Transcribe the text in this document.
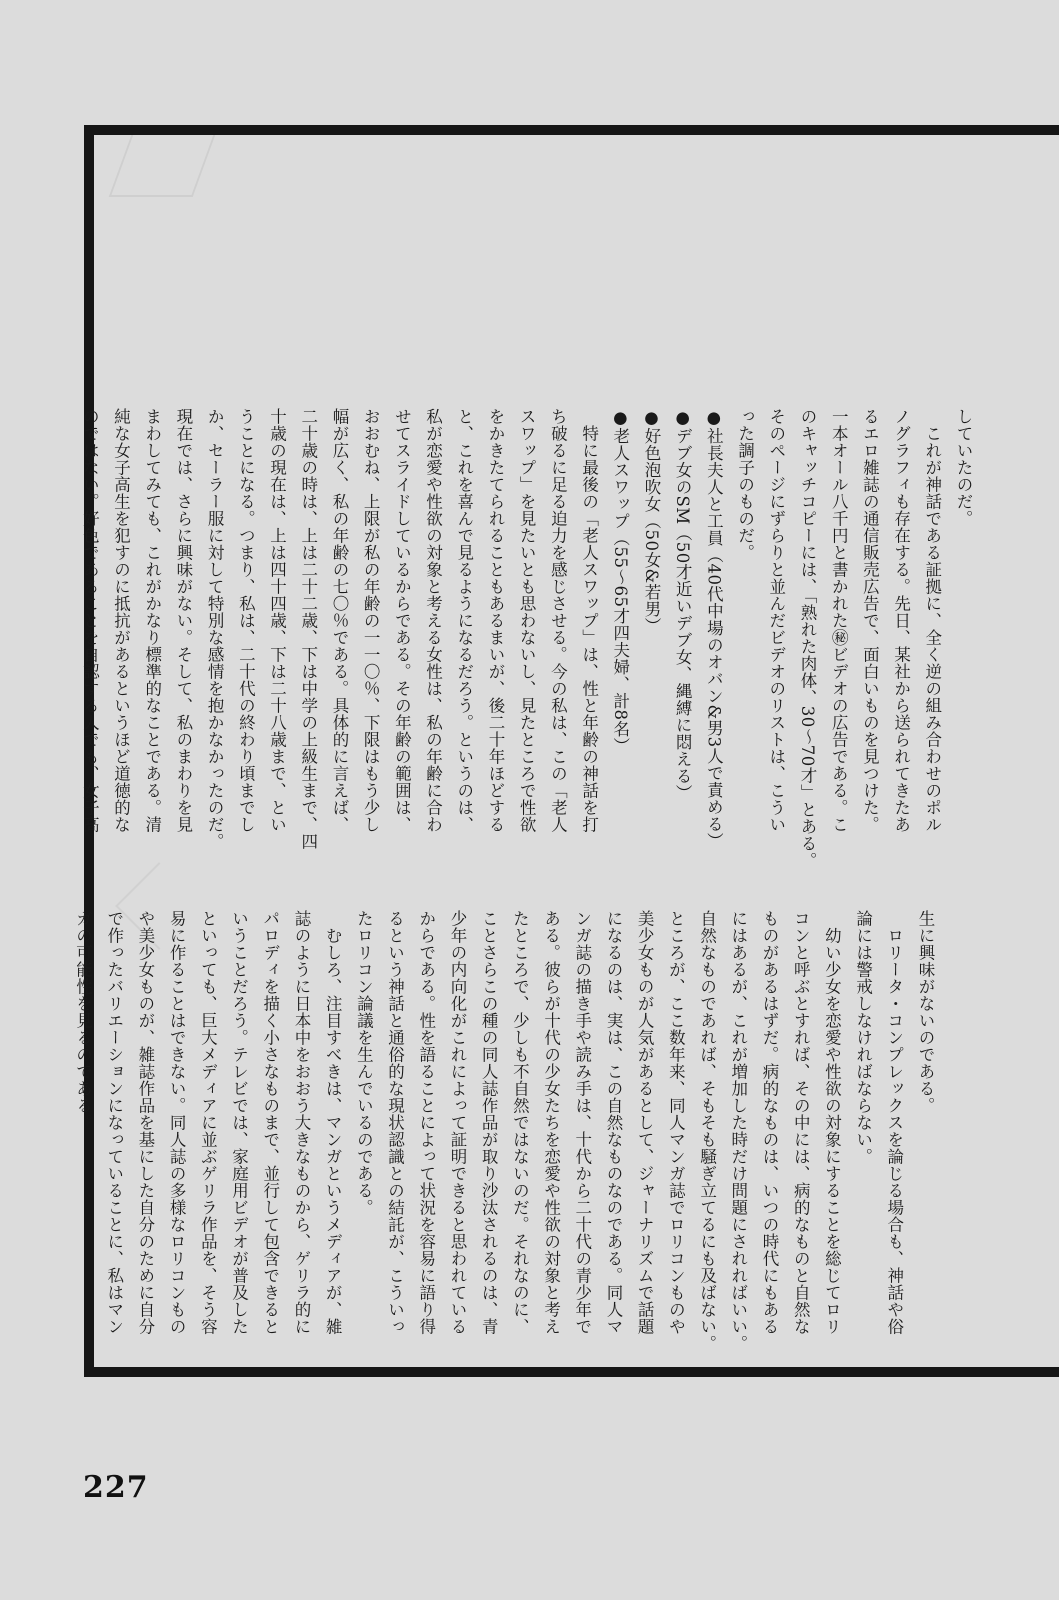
していたのだ。
　これが神話である証拠に、全く逆の組み合わせのポル
ノグラフィも存在する。先日、某社から送られてきたあ
るエロ雑誌の通信販売広告で、面白いものを見つけた。
一本オール八千円と書かれた㊙ビデオの広告である。こ
のキャッチコピーには、「熟れた肉体、30〜70才」とある。
そのページにずらりと並んだビデオのリストは、こうい
った調子のものだ。
●社長夫人と工員（40代中場のオバン&男3人で責める）
●デブ女のSM（50才近いデブ女、縄縛に悶える）
●好色泡吹女（50女&若男）
●老人スワップ（55〜65才四夫婦、計8名）
　特に最後の「老人スワップ」は、性と年齢の神話を打
ち破るに足る迫力を感じさせる。今の私は、この「老人
スワップ」を見たいとも思わないし、見たところで性欲
をかきたてられることもあるまいが、後二十年ほどする
と、これを喜んで見るようになるだろう。というのは、
私が恋愛や性欲の対象と考える女性は、私の年齢に合わ
せてスライドしているからである。その年齢の範囲は、
おおむね、上限が私の年齢の一一〇％、下限はもう少し
幅が広く、私の年齢の七〇％である。具体的に言えば、
二十歳の時は、上は二十二歳、下は中学の上級生まで、四
十歳の現在は、上は四十四歳、下は二十八歳まで、とい
うことになる。つまり、私は、二十代の終わり頃までし
か、セーラー服に対して特別な感情を抱かなかったのだ。
現在では、さらに興味がない。そして、私のまわりを見
まわしてみても、これがかなり標準的なことである。清
純な女子高生を犯すのに抵抗があるというほど道徳的な
のではない。好色であることを自認する人でも、女子高
生に興味がないのである。
　ロリータ・コンプレックスを論じる場合も、神話や俗
論には警戒しなければならない。
　幼い少女を恋愛や性欲の対象にすることを総じてロリ
コンと呼ぶとすれば、その中には、病的なものと自然な
ものがあるはずだ。病的なものは、いつの時代にもある
にはあるが、これが増加した時だけ問題にされればいい。
自然なものであれば、そもそも騒ぎ立てるにも及ばない。
ところが、ここ数年来、同人マンガ誌でロリコンものや
美少女ものが人気があるとして、ジャーナリズムで話題
になるのは、実は、この自然なものなのである。同人マ
ンガ誌の描き手や読み手は、十代から二十代の青少年で
ある。彼らが十代の少女たちを恋愛や性欲の対象と考え
たところで、少しも不自然ではないのだ。それなのに、
ことさらこの種の同人誌作品が取り沙汰されるのは、青
少年の内向化がこれによって証明できると思われている
からである。性を語ることによって状況を容易に語り得
るという神話と通俗的な現状認識との結託が、こういっ
たロリコン論議を生んでいるのである。
　むしろ、注目すべきは、マンガというメディアが、雑
誌のように日本中をおおう大きなものから、ゲリラ的に
パロディを描く小さなものまで、並行して包含できると
いうことだろう。テレビでは、家庭用ビデオが普及した
といっても、巨大メディアに並ぶゲリラ作品を、そう容
易に作ることはできない。同人誌の多様なロリコンもの
や美少女ものが、雑誌作品を基にした自分のために自分
で作ったバリエーションになっていることに、私はマン
ガの可能性を見るのである。
227
